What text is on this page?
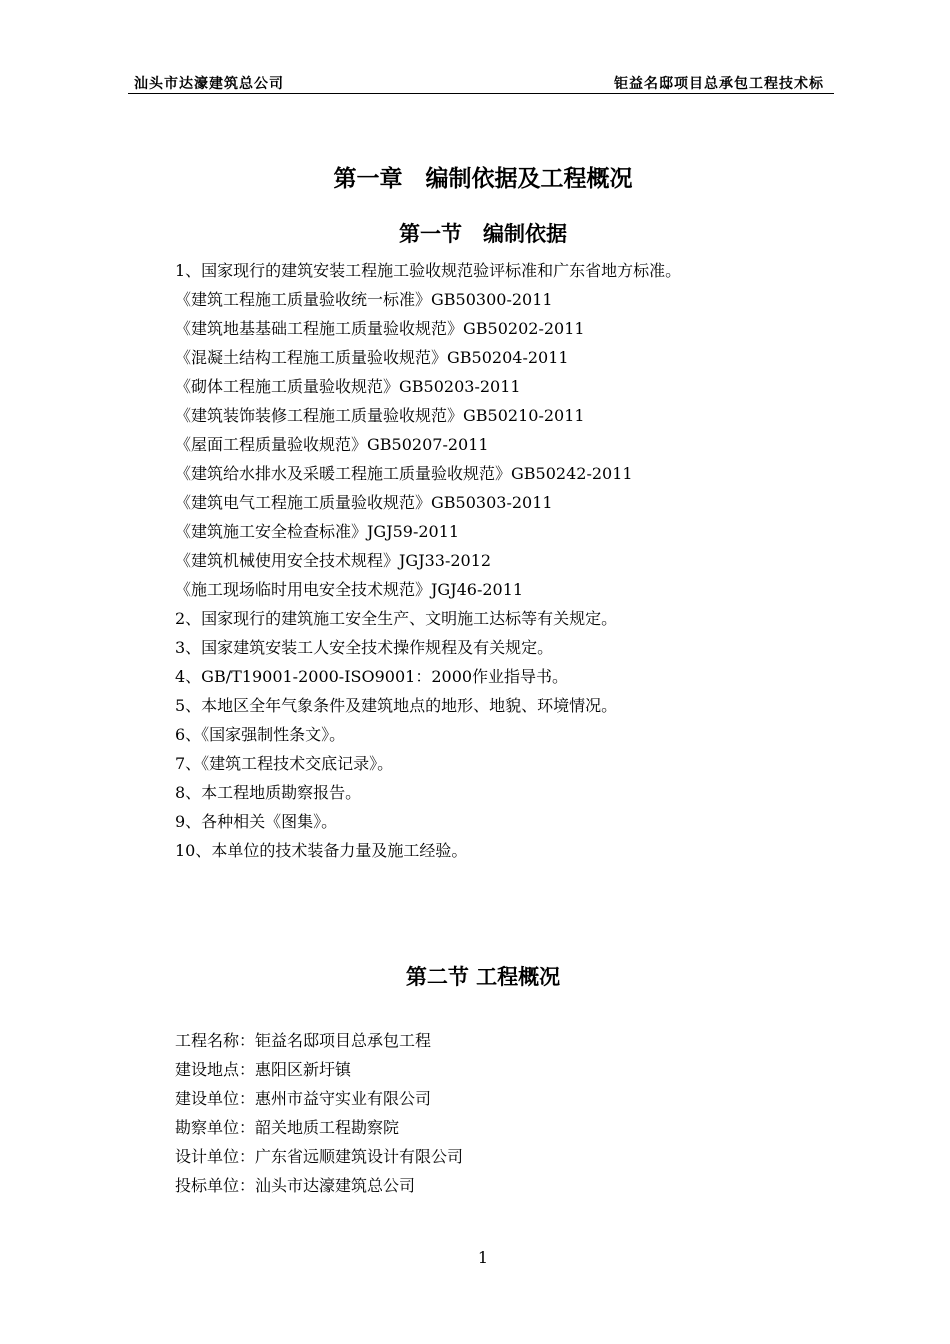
汕头市达濠建筑总公司	钜益名邸项目总承包工程技术标
第一章　编制依据及工程概况
第一节　编制依据
1、国家现行的建筑安装工程施工验收规范验评标准和广东省地方标准。
《建筑工程施工质量验收统一标准》GB50300-2011
《建筑地基基础工程施工质量验收规范》GB50202-2011
《混凝土结构工程施工质量验收规范》GB50204-2011
《砌体工程施工质量验收规范》GB50203-2011
《建筑装饰装修工程施工质量验收规范》GB50210-2011
《屋面工程质量验收规范》GB50207-2011
《建筑给水排水及采暖工程施工质量验收规范》GB50242-2011
《建筑电气工程施工质量验收规范》GB50303-2011
《建筑施工安全检查标准》JGJ59-2011
《建筑机械使用安全技术规程》JGJ33-2012
《施工现场临时用电安全技术规范》JGJ46-2011
2、国家现行的建筑施工安全生产、文明施工达标等有关规定。
3、国家建筑安装工人安全技术操作规程及有关规定。
4、GB/T19001-2000-ISO9001：2000作业指导书。
5、本地区全年气象条件及建筑地点的地形、地貌、环境情况。
6、《国家强制性条文》。
7、《建筑工程技术交底记录》。
8、本工程地质勘察报告。
9、各种相关《图集》。
10、本单位的技术装备力量及施工经验。
第二节 工程概况
工程名称：钜益名邸项目总承包工程
建设地点：惠阳区新圩镇
建设单位：惠州市益守实业有限公司
勘察单位：韶关地质工程勘察院
设计单位：广东省远顺建筑设计有限公司
投标单位：汕头市达濠建筑总公司
1
